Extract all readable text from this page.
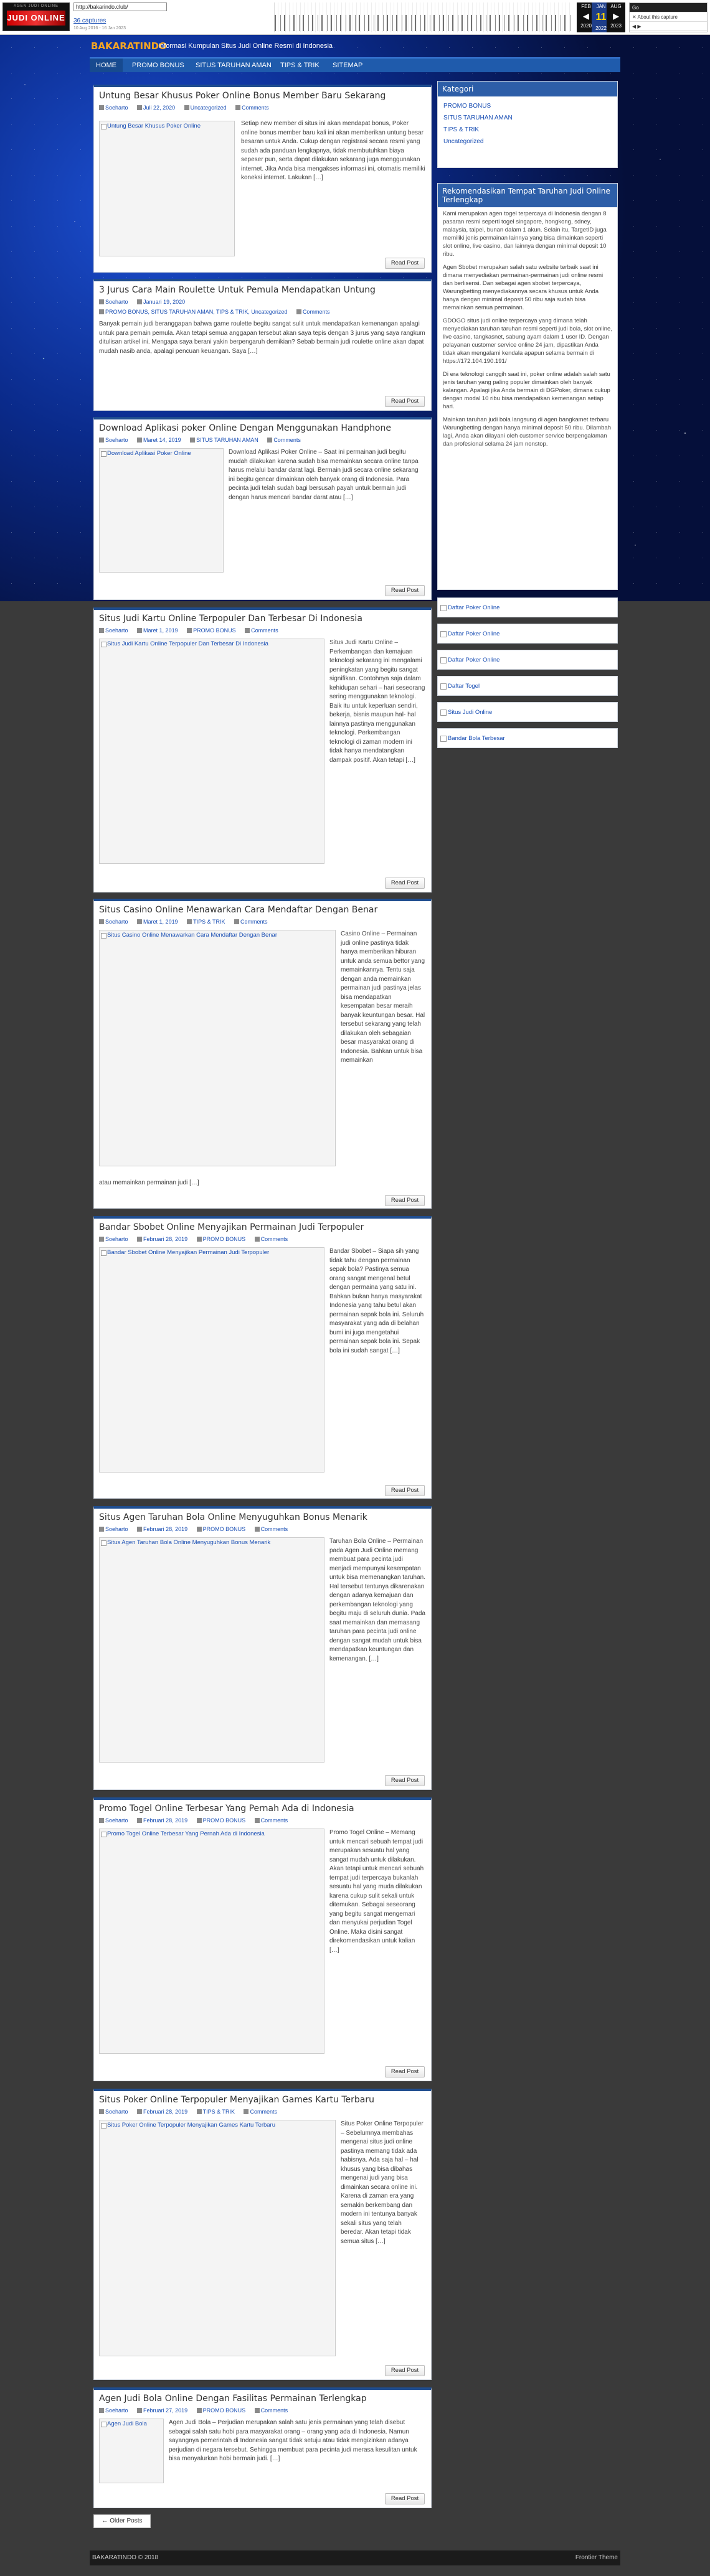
AGEN JUDI ONLINE
JUDI ONLINE
http://bakarindo.club/
36 captures
10 Aug 2016 - 16 Jan 2023
FEB
◀
2020
JAN
11
2022
AUG
▶
2023
Go
✕ About this capture
◀ ▶
BAKARATINDO
Informasi Kumpulan Situs Judi Online Resmi di Indonesia
HOME	PROMO BONUS	SITUS TARUHAN AMAN	TIPS & TRIK	SITEMAP
Untung Besar Khusus Poker Online Bonus Member Baru Sekarang
Soeharto	Juli 22, 2020	Uncategorized	Comments
Untung Besar Khusus Poker Online	Setiap new member di situs ini akan mendapat bonus, Poker online bonus member baru kali ini akan memberikan untung besar besaran untuk Anda. Cukup dengan registrasi secara resmi yang sudah ada panduan lengkapnya, tidak membutuhkan biaya sepeser pun, serta dapat dilakukan sekarang juga menggunakan internet. Jika Anda bisa mengakses informasi ini, otomatis memiliki koneksi internet. Lakukan […]
Read Post
3 Jurus Cara Main Roulette Untuk Pemula Mendapatkan Untung
Soeharto	Januari 19, 2020
PROMO BONUS, SITUS TARUHAN AMAN, TIPS & TRIK, Uncategorized	Comments
Banyak pemain judi beranggapan bahwa game roulette begitu sangat sulit untuk mendapatkan kemenangan apalagi untuk para pemain pemula. Akan tetapi semua anggapan tersebut akan saya tepis dengan 3 jurus yang saya rangkum ditulisan artikel ini. Mengapa saya berani yakin berpengaruh demikian? Sebab bermain judi roulette online akan dapat mudah nasib anda, apalagi pencuan keuangan. Saya […]
Read Post
Download Aplikasi poker Online Dengan Menggunakan Handphone
Soeharto	Maret 14, 2019	SITUS TARUHAN AMAN	Comments
Download Aplikasi Poker Online	Download Aplikasi Poker Online – Saat ini permainan judi begitu mudah dilakukan karena sudah bisa memainkan secara online tanpa harus melalui bandar darat lagi. Bermain judi secara online sekarang ini begitu gencar dimainkan oleh banyak orang di Indonesia. Para pecinta judi telah sudah bagi bersusah payah untuk bermain judi dengan harus mencari bandar darat atau […]
Read Post
Situs Judi Kartu Online Terpopuler Dan Terbesar Di Indonesia
Soeharto	Maret 1, 2019	PROMO BONUS	Comments
Situs Judi Kartu Online Terpopuler Dan Terbesar Di Indonesia	Situs Judi Kartu Online – Perkembangan dan kemajuan teknologi sekarang ini mengalami peningkatan yang begitu sangat signifikan. Contohnya saja dalam kehidupan sehari – hari seseorang sering menggunakan teknologi. Baik itu untuk keperluan sendiri, bekerja, bisnis maupun hal- hal lainnya pastinya menggunakan teknologi. Perkembangan teknologi di zaman modern ini tidak hanya mendatangkan dampak positif. Akan tetapi […]
Read Post
Situs Casino Online Menawarkan Cara Mendaftar Dengan Benar
Soeharto	Maret 1, 2019	TIPS & TRIK	Comments
Situs Casino Online Menawarkan Cara Mendaftar Dengan Benar	Casino Online – Permainan judi online pastinya tidak hanya memberikan hiburan untuk anda semua bettor yang memainkannya. Tentu saja dengan anda memainkan permainan judi pastinya jelas bisa mendapatkan kesempatan besar meraih banyak keuntungan besar. Hal tersebut sekarang yang telah dilakukan oleh sebagaian besar masyarakat orang di Indonesia. Bahkan untuk bisa memainkan
atau memainkan permainan judi […]
Read Post
Bandar Sbobet Online Menyajikan Permainan Judi Terpopuler
Soeharto	Februari 28, 2019	PROMO BONUS	Comments
Bandar Sbobet Online Menyajikan Permainan Judi Terpopuler	Bandar Sbobet – Siapa sih yang tidak tahu dengan permainan sepak bola? Pastinya semua orang sangat mengenal betul dengan permaina yang satu ini. Bahkan bukan hanya masyarakat Indonesia yang tahu betul akan permainan sepak bola ini. Seluruh masyarakat yang ada di belahan bumi ini juga mengetahui permainan sepak bola ini. Sepak bola ini sudah sangat […]
Read Post
Situs Agen Taruhan Bola Online Menyuguhkan Bonus Menarik
Soeharto	Februari 28, 2019	PROMO BONUS	Comments
Situs Agen Taruhan Bola Online Menyuguhkan Bonus Menarik	Taruhan Bola Online – Permainan pada Agen Judi Online memang membuat para pecinta judi menjadi mempunyai kesempatan untuk bisa memenangkan taruhan. Hal tersebut tentunya dikarenakan dengan adanya kemajuan dan perkembangan teknologi yang begitu maju di seluruh dunia. Pada saat memainkan dan memasang taruhan para pecinta judi online dengan sangat mudah untuk bisa mendapatkan keuntungan dan kemenangan. […]
Read Post
Promo Togel Online Terbesar Yang Pernah Ada di Indonesia
Soeharto	Februari 28, 2019	PROMO BONUS	Comments
Promo Togel Online Terbesar Yang Pernah Ada di Indonesia	Promo Togel Online – Memang untuk mencari sebuah tempat judi merupakan sesuatu hal yang sangat mudah untuk dilakukan. Akan tetapi untuk mencari sebuah tempat judi terpercaya bukanlah sesuatu hal yang muda dilakukan karena cukup sulit sekali untuk ditemukan. Sebagai seseorang yang begitu sangat mengemari dan menyukai perjudian Togel Online. Maka disini sangat direkomendasikan untuk kalian […]
Read Post
Situs Poker Online Terpopuler Menyajikan Games Kartu Terbaru
Soeharto	Februari 28, 2019	TIPS & TRIK	Comments
Situs Poker Online Terpopuler Menyajikan Games Kartu Terbaru	Situs Poker Online Terpopuler – Sebelumnya membahas mengenai situs judi online pastinya memang tidak ada habisnya. Ada saja hal – hal khusus yang bisa dibahas mengenai judi yang bisa dimainkan secara online ini. Karena di zaman era yang semakin berkembang dan modern ini tentunya banyak sekali situs yang telah beredar. Akan tetapi tidak semua situs […]
Read Post
Agen Judi Bola Online Dengan Fasilitas Permainan Terlengkap
Soeharto	Februari 27, 2019	PROMO BONUS	Comments
Agen Judi Bola	Agen Judi Bola – Perjudian merupakan salah satu jenis permainan yang telah disebut sebagai salah satu hobi para masyarakat orang – orang yang ada di Indonesia. Namun sayangnya pemerintah di Indonesia sangat tidak setuju atau tidak mengizinkan adanya perjudian di negara tersebut. Sehingga membuat para pecinta judi merasa kesulitan untuk bisa menyalurkan hobi bermain judi. […]
Read Post
← Older Posts
Kategori
PROMO BONUS
SITUS TARUHAN AMAN
TIPS & TRIK
Uncategorized
Rekomendasikan Tempat Taruhan Judi Online Terlengkap

Kami merupakan agen togel terpercaya di Indonesia dengan 8 pasaran resmi seperti togel singapore, hongkong, sdney, malaysia, taipei, bunan dalam 1 akun. Selain itu, TargetID juga memiliki jenis permainan lainnya yang bisa dimainkan seperti slot online, live casino, dan lainnya dengan minimal deposit 10 ribu.

Agen Sbobet merupakan salah satu website terbaik saat ini dimana menyediakan permainan-permainan judi online resmi dan berlisensi. Dan sebagai agen sbobet terpercaya, Warungbetting menyediakannya secara khusus untuk Anda hanya dengan minimal deposit 50 ribu saja sudah bisa memainkan semua permainan.

GDOGO situs judi online terpercaya yang dimana telah menyediakan taruhan taruhan resmi seperti judi bola, slot online, live casino, tangkasnet, sabung ayam dalam 1 user ID. Dengan pelayanan customer service online 24 jam, dipastikan Anda tidak akan mengalami kendala apapun selama bermain di https://172.104.190.191/

Di era teknologi canggih saat ini, poker online adalah salah satu jenis taruhan yang paling populer dimainkan oleh banyak kalangan. Apalagi jika Anda bermain di DGPoker, dimana cukup dengan modal 10 ribu bisa mendapatkan kemenangan setiap hari.

Mainkan taruhan judi bola langsung di agen bangkamet terbaru Warungbetting dengan hanya minimal deposit 50 ribu. Dilambah lagi, Anda akan dilayani oleh customer service berpengalaman dan profesional selama 24 jam nonstop.

Daftar Poker Online
Daftar Poker Online
Daftar Poker Online
Daftar Togel
Situs Judi Online
Bandar Bola Terbesar
BAKARATINDO © 2018	Frontier Theme
